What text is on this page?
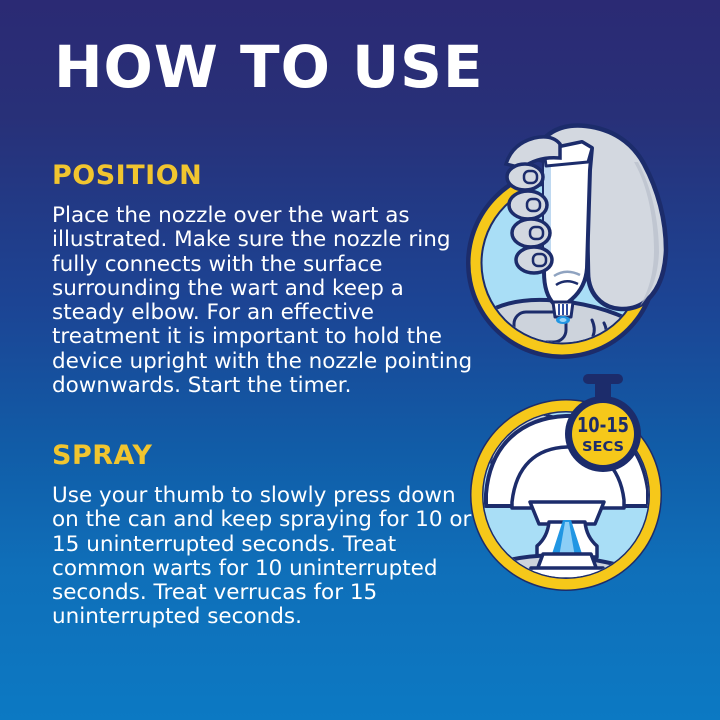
HOW TO USE
POSITION

Place the nozzle over the wart as illustrated. Make sure the nozzle ring fully connects with the surface surrounding the wart and keep a steady elbow. For an effective treatment it is important to hold the device upright with the nozzle pointing downwards. Start the timer.

SPRAY

Use your thumb to slowly press down on the can and keep spraying for 10 or 15 uninterrupted seconds. Treat common warts for 10 uninterrupted seconds. Treat verrucas for 15 uninterrupted seconds.

10-15
SECS
